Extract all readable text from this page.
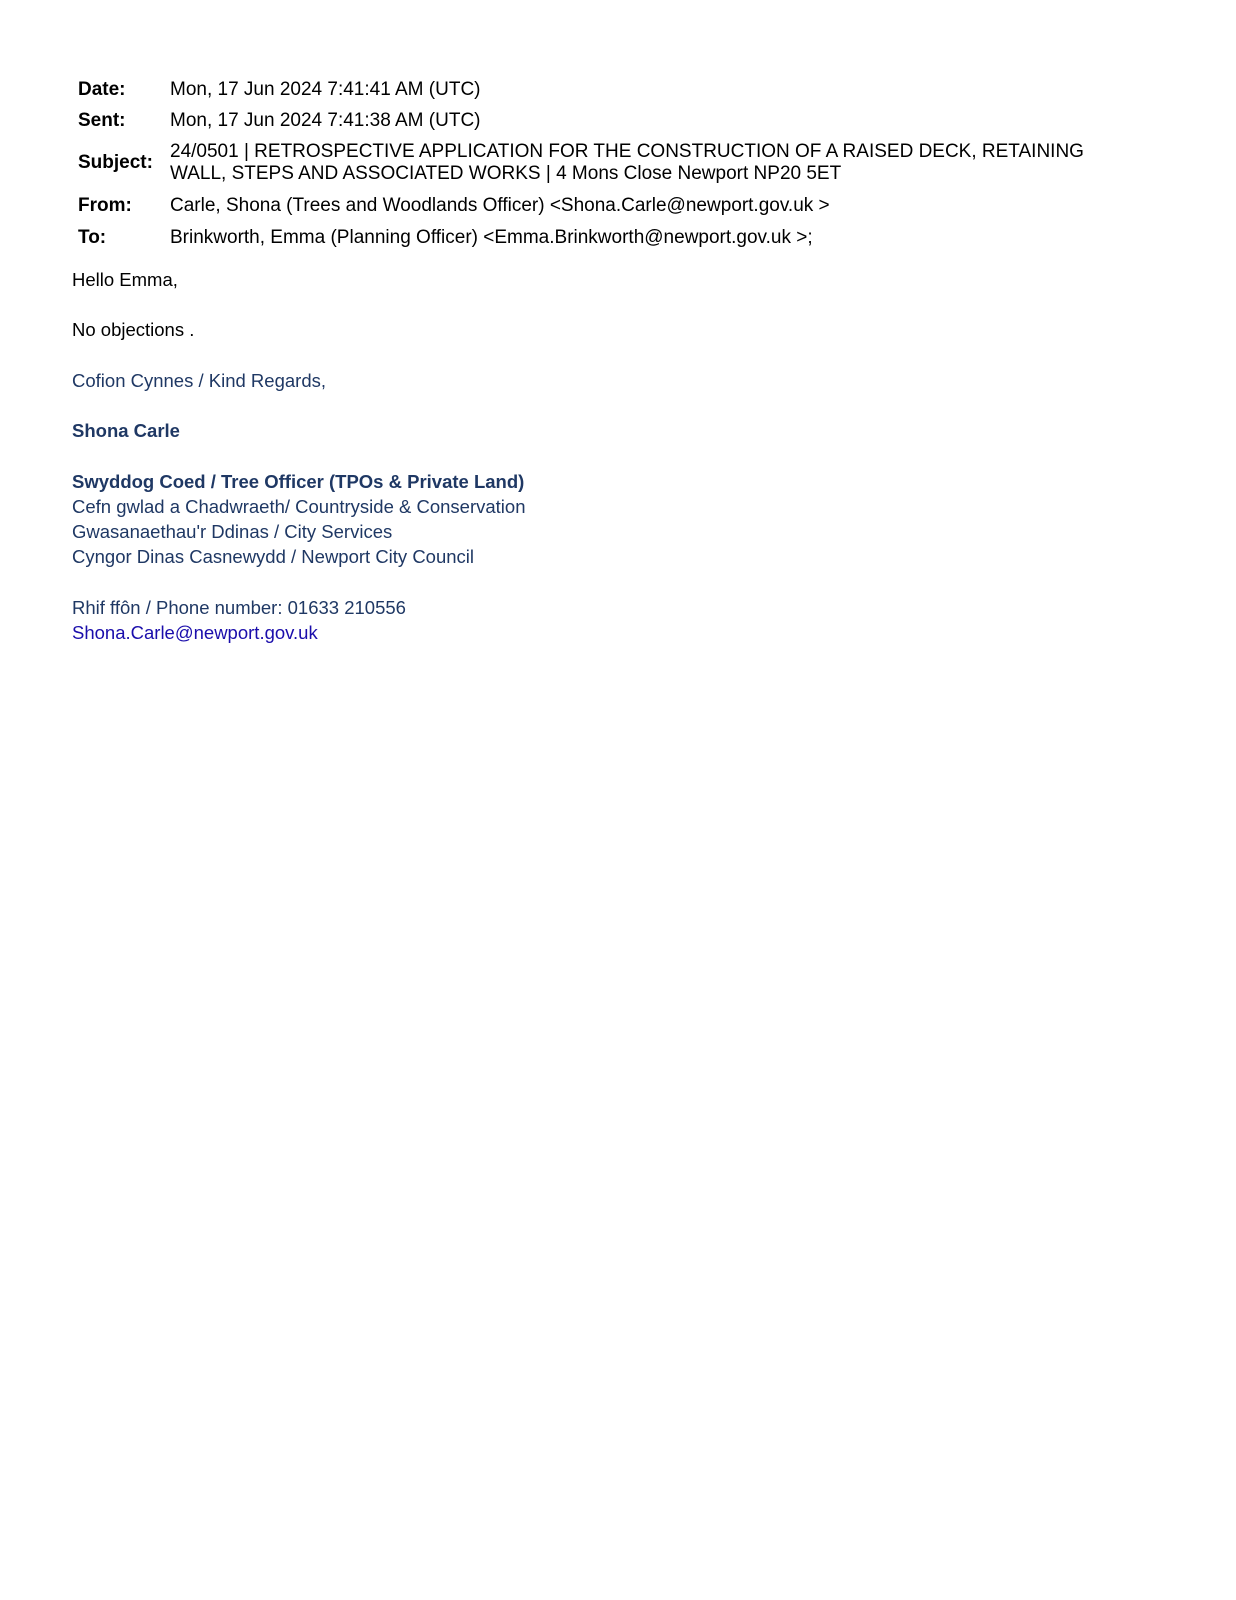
Date:	Mon, 17 Jun 2024 7:41:41 AM (UTC)
Sent:	Mon, 17 Jun 2024 7:41:38 AM (UTC)
Subject:	24/0501 | RETROSPECTIVE APPLICATION FOR THE CONSTRUCTION OF A RAISED DECK, RETAINING
WALL, STEPS AND ASSOCIATED WORKS | 4 Mons Close Newport NP20 5ET

From:	Carle, Shona (Trees and Woodlands Officer) <Shona.Carle@newport.gov.uk >
To:	Brinkworth, Emma (Planning Officer) <Emma.Brinkworth@newport.gov.uk >;
Hello Emma,
No objections .
Cofion Cynnes / Kind Regards,
Shona Carle
Swyddog Coed / Tree Officer (TPOs & Private Land)
Cefn gwlad a Chadwraeth/ Countryside & Conservation
Gwasanaethau'r Ddinas / City Services
Cyngor Dinas Casnewydd / Newport City Council
Rhif ffôn / Phone number: 01633 210556
Shona.Carle@newport.gov.uk
